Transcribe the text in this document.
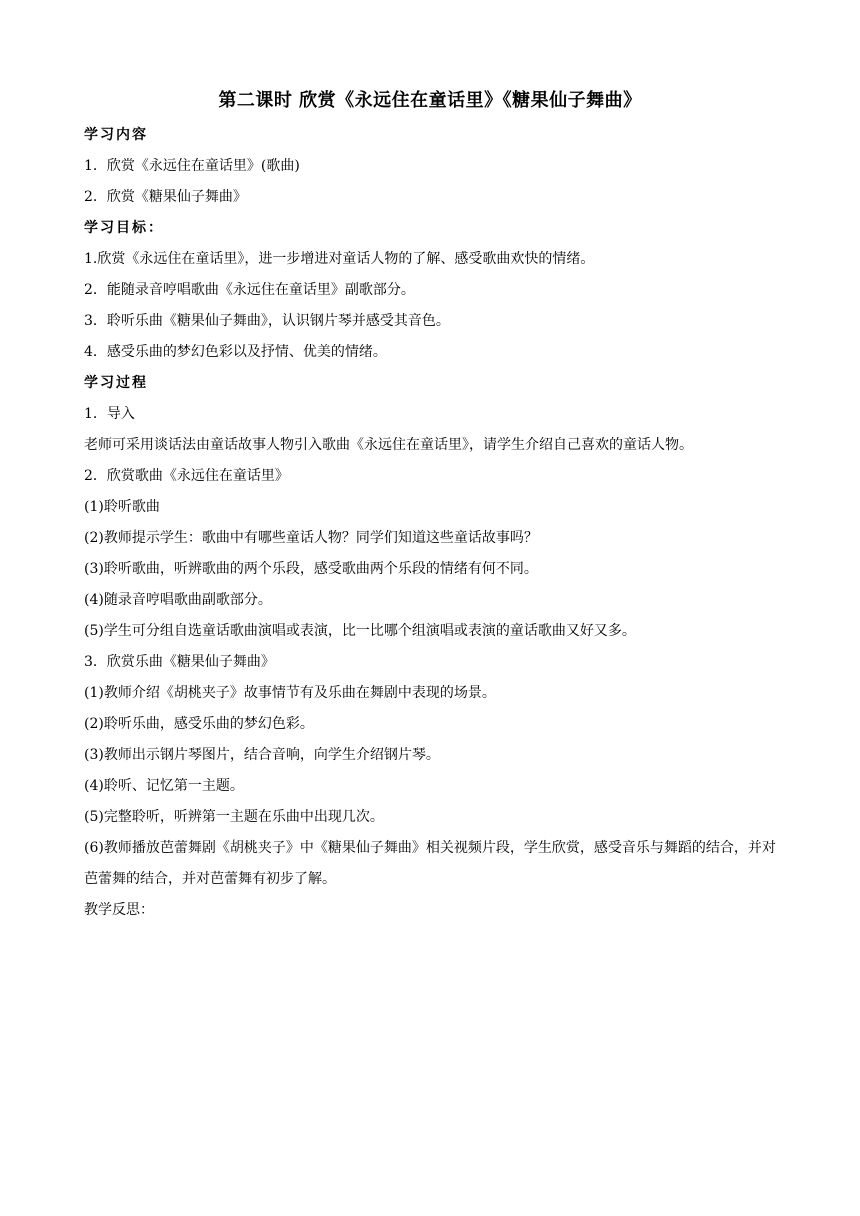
第二课时 欣赏《永远住在童话里》《糖果仙子舞曲》
学习内容
1．欣赏《永远住在童话里》(歌曲)
2．欣赏《糖果仙子舞曲》
学习目标：
1.欣赏《永远住在童话里》，进一步增进对童话人物的了解、感受歌曲欢快的情绪。
2．能随录音哼唱歌曲《永远住在童话里》副歌部分。
3．聆听乐曲《糖果仙子舞曲》，认识钢片琴并感受其音色。
4．感受乐曲的梦幻色彩以及抒情、优美的情绪。
学习过程
1．导入
老师可采用谈话法由童话故事人物引入歌曲《永远住在童话里》，请学生介绍自己喜欢的童话人物。
2．欣赏歌曲《永远住在童话里》
(1)聆听歌曲
(2)教师提示学生：歌曲中有哪些童话人物？同学们知道这些童话故事吗？
(3)聆听歌曲，听辨歌曲的两个乐段，感受歌曲两个乐段的情绪有何不同。
(4)随录音哼唱歌曲副歌部分。
(5)学生可分组自选童话歌曲演唱或表演，比一比哪个组演唱或表演的童话歌曲又好又多。
3．欣赏乐曲《糖果仙子舞曲》
(1)教师介绍《胡桃夹子》故事情节有及乐曲在舞剧中表现的场景。
(2)聆听乐曲，感受乐曲的梦幻色彩。
(3)教师出示钢片琴图片，结合音响，向学生介绍钢片琴。
(4)聆听、记忆第一主题。
(5)完整聆听，听辨第一主题在乐曲中出现几次。
(6)教师播放芭蕾舞剧《胡桃夹子》中《糖果仙子舞曲》相关视频片段，学生欣赏，感受音乐与舞蹈的结合，并对芭蕾舞的结合，并对芭蕾舞有初步了解。
教学反思：
